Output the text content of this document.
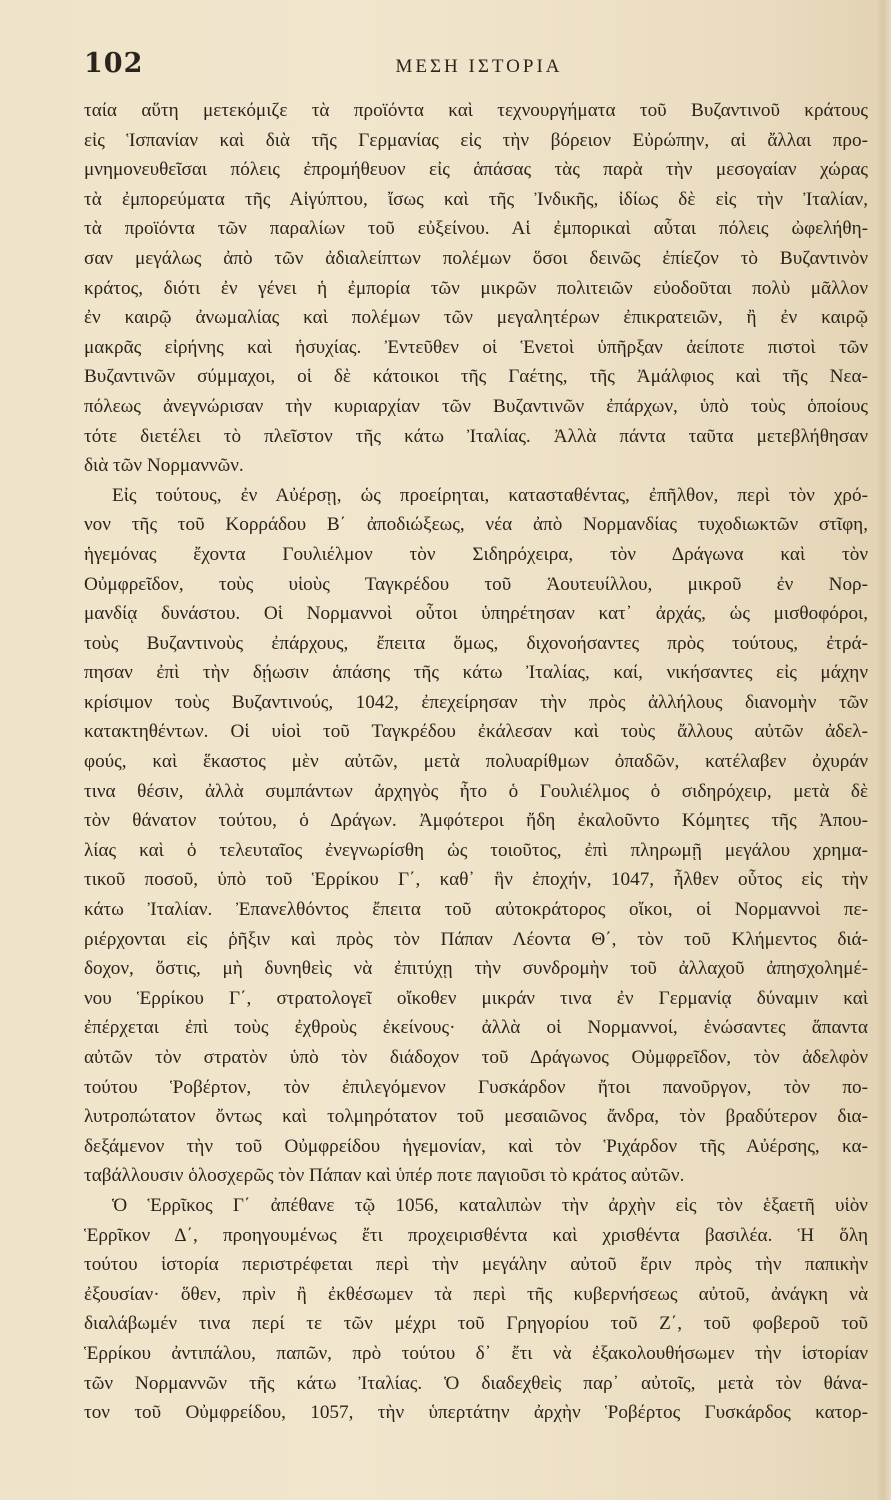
102	ΜΕΣΗ ΙΣΤΟΡΙΑ
ταία αὕτη μετεκόμιζε τὰ προϊόντα καὶ τεχνουργήματα τοῦ Βυζαντινοῦ κράτους
εἰς Ἱσπανίαν καὶ διὰ τῆς Γερμανίας εἰς τὴν βόρειον Εὐρώπην, αἱ ἄλλαι προ-
μνημονευθεῖσαι πόλεις ἐπρομήθευον εἰς ἁπάσας τὰς παρὰ τὴν μεσογαίαν χώρας
τὰ ἐμπορεύματα τῆς Αἰγύπτου, ἴσως καὶ τῆς Ἰνδικῆς, ἰδίως δὲ εἰς τὴν Ἰταλίαν,
τὰ προϊόντα τῶν παραλίων τοῦ εὐξείνου. Αἱ ἐμπορικαὶ αὗται πόλεις ὠφελήθη-
σαν μεγάλως ἀπὸ τῶν ἀδιαλείπτων πολέμων ὅσοι δεινῶς ἐπίεζον τὸ Βυζαντινὸν
κράτος, διότι ἐν γένει ἡ ἐμπορία τῶν μικρῶν πολιτειῶν εὐοδοῦται πολὺ μᾶλλον
ἐν καιρῷ ἀνωμαλίας καὶ πολέμων τῶν μεγαλητέρων ἐπικρατειῶν, ἢ ἐν καιρῷ
μακρᾶς εἰρήνης καὶ ἡσυχίας. Ἐντεῦθεν οἱ Ἑνετοὶ ὑπῆρξαν ἀείποτε πιστοὶ τῶν
Βυζαντινῶν σύμμαχοι, οἱ δὲ κάτοικοι τῆς Γαέτης, τῆς Ἀμάλφιος καὶ τῆς Νεα-
πόλεως ἀνεγνώρισαν τὴν κυριαρχίαν τῶν Βυζαντινῶν ἐπάρχων, ὑπὸ τοὺς ὁποίους
τότε διετέλει τὸ πλεῖστον τῆς κάτω Ἰταλίας. Ἀλλὰ πάντα ταῦτα μετεβλήθησαν
διὰ τῶν Νορμαννῶν.
Εἰς τούτους, ἐν Αὐέρσῃ, ὡς προείρηται, κατασταθέντας, ἐπῆλθον, περὶ τὸν χρό-
νον τῆς τοῦ Κορράδου Β΄ ἀποδιώξεως, νέα ἀπὸ Νορμανδίας τυχοδιωκτῶν στῖφη,
ἡγεμόνας ἔχοντα Γουλιέλμον τὸν Σιδηρόχειρα, τὸν Δράγωνα καὶ τὸν
Οὐμφρεῖδον, τοὺς υἱοὺς Ταγκρέδου τοῦ Ἁουτευίλλου, μικροῦ ἐν Νορ-
μανδίᾳ δυνάστου. Οἱ Νορμαννοὶ οὗτοι ὑπηρέτησαν κατ᾽ ἀρχάς, ὡς μισθοφόροι,
τοὺς Βυζαντινοὺς ἐπάρχους, ἔπειτα ὅμως, διχονοήσαντες πρὸς τούτους, ἐτρά-
πησαν ἐπὶ τὴν δῄωσιν ἁπάσης τῆς κάτω Ἰταλίας, καί, νικήσαντες εἰς μάχην
κρίσιμον τοὺς Βυζαντινούς, 1042, ἐπεχείρησαν τὴν πρὸς ἀλλήλους διανομὴν τῶν
κατακτηθέντων. Οἱ υἱοὶ τοῦ Ταγκρέδου ἐκάλεσαν καὶ τοὺς ἄλλους αὐτῶν ἀδελ-
φούς, καὶ ἕκαστος μὲν αὐτῶν, μετὰ πολυαρίθμων ὀπαδῶν, κατέλαβεν ὀχυράν
τινα θέσιν, ἀλλὰ συμπάντων ἀρχηγὸς ἦτο ὁ Γουλιέλμος ὁ σιδηρόχειρ, μετὰ δὲ
τὸν θάνατον τούτου, ὁ Δράγων. Ἀμφότεροι ἤδη ἐκαλοῦντο Κόμητες τῆς Ἀπου-
λίας καὶ ὁ τελευταῖος ἐνεγνωρίσθη ὡς τοιοῦτος, ἐπὶ πληρωμῇ μεγάλου χρημα-
τικοῦ ποσοῦ, ὑπὸ τοῦ Ἑρρίκου Γ΄, καθ᾽ ἣν ἐποχήν, 1047, ἦλθεν οὗτος εἰς τὴν
κάτω Ἰταλίαν. Ἐπανελθόντος ἔπειτα τοῦ αὐτοκράτορος οἴκοι, οἱ Νορμαννοὶ πε-
ριέρχονται εἰς ῥῆξιν καὶ πρὸς τὸν Πάπαν Λέοντα Θ΄, τὸν τοῦ Κλήμεντος διά-
δοχον, ὅστις, μὴ δυνηθεὶς νὰ ἐπιτύχῃ τὴν συνδρομὴν τοῦ ἀλλαχοῦ ἀπησχολημέ-
νου Ἑρρίκου Γ΄, στρατολογεῖ οἴκοθεν μικράν τινα ἐν Γερμανίᾳ δύναμιν καὶ
ἐπέρχεται ἐπὶ τοὺς ἐχθροὺς ἐκείνους· ἀλλὰ οἱ Νορμαννοί, ἑνώσαντες ἅπαντα
αὐτῶν τὸν στρατὸν ὑπὸ τὸν διάδοχον τοῦ Δράγωνος Οὐμφρεῖδον, τὸν ἀδελφὸν
τούτου Ῥοβέρτον, τὸν ἐπιλεγόμενον Γυσκάρδον ἤτοι πανοῦργον, τὸν πο-
λυτροπώτατον ὄντως καὶ τολμηρότατον τοῦ μεσαιῶνος ἄνδρα, τὸν βραδύτερον δια-
δεξάμενον τὴν τοῦ Οὐμφρείδου ἡγεμονίαν, καὶ τὸν Ῥιχάρδον τῆς Αὐέρσης, κα-
ταβάλλουσιν ὁλοσχερῶς τὸν Πάπαν καὶ ὑπέρ ποτε παγιοῦσι τὸ κράτος αὐτῶν.
Ὁ Ἑρρῖκος Γ΄ ἀπέθανε τῷ 1056, καταλιπὼν τὴν ἀρχὴν εἰς τὸν ἑξαετῆ υἱὸν
Ἑρρῖκον Δ΄, προηγουμένως ἔτι προχειρισθέντα καὶ χρισθέντα βασιλέα. Ἡ ὅλη
τούτου ἱστορία περιστρέφεται περὶ τὴν μεγάλην αὐτοῦ ἔριν πρὸς τὴν παπικὴν
ἐξουσίαν· ὅθεν, πρὶν ἢ ἐκθέσωμεν τὰ περὶ τῆς κυβερνήσεως αὐτοῦ, ἀνάγκη νὰ
διαλάβωμέν τινα περί τε τῶν μέχρι τοῦ Γρηγορίου τοῦ Ζ΄, τοῦ φοβεροῦ τοῦ
Ἑρρίκου ἀντιπάλου, παπῶν, πρὸ τούτου δ᾽ ἔτι νὰ ἐξακολουθήσωμεν τὴν ἱστορίαν
τῶν Νορμαννῶν τῆς κάτω Ἰταλίας. Ὁ διαδεχθεὶς παρ᾽ αὐτοῖς, μετὰ τὸν θάνα-
τον τοῦ Οὐμφρείδου, 1057, τὴν ὑπερτάτην ἀρχὴν Ῥοβέρτος Γυσκάρδος κατορ-
